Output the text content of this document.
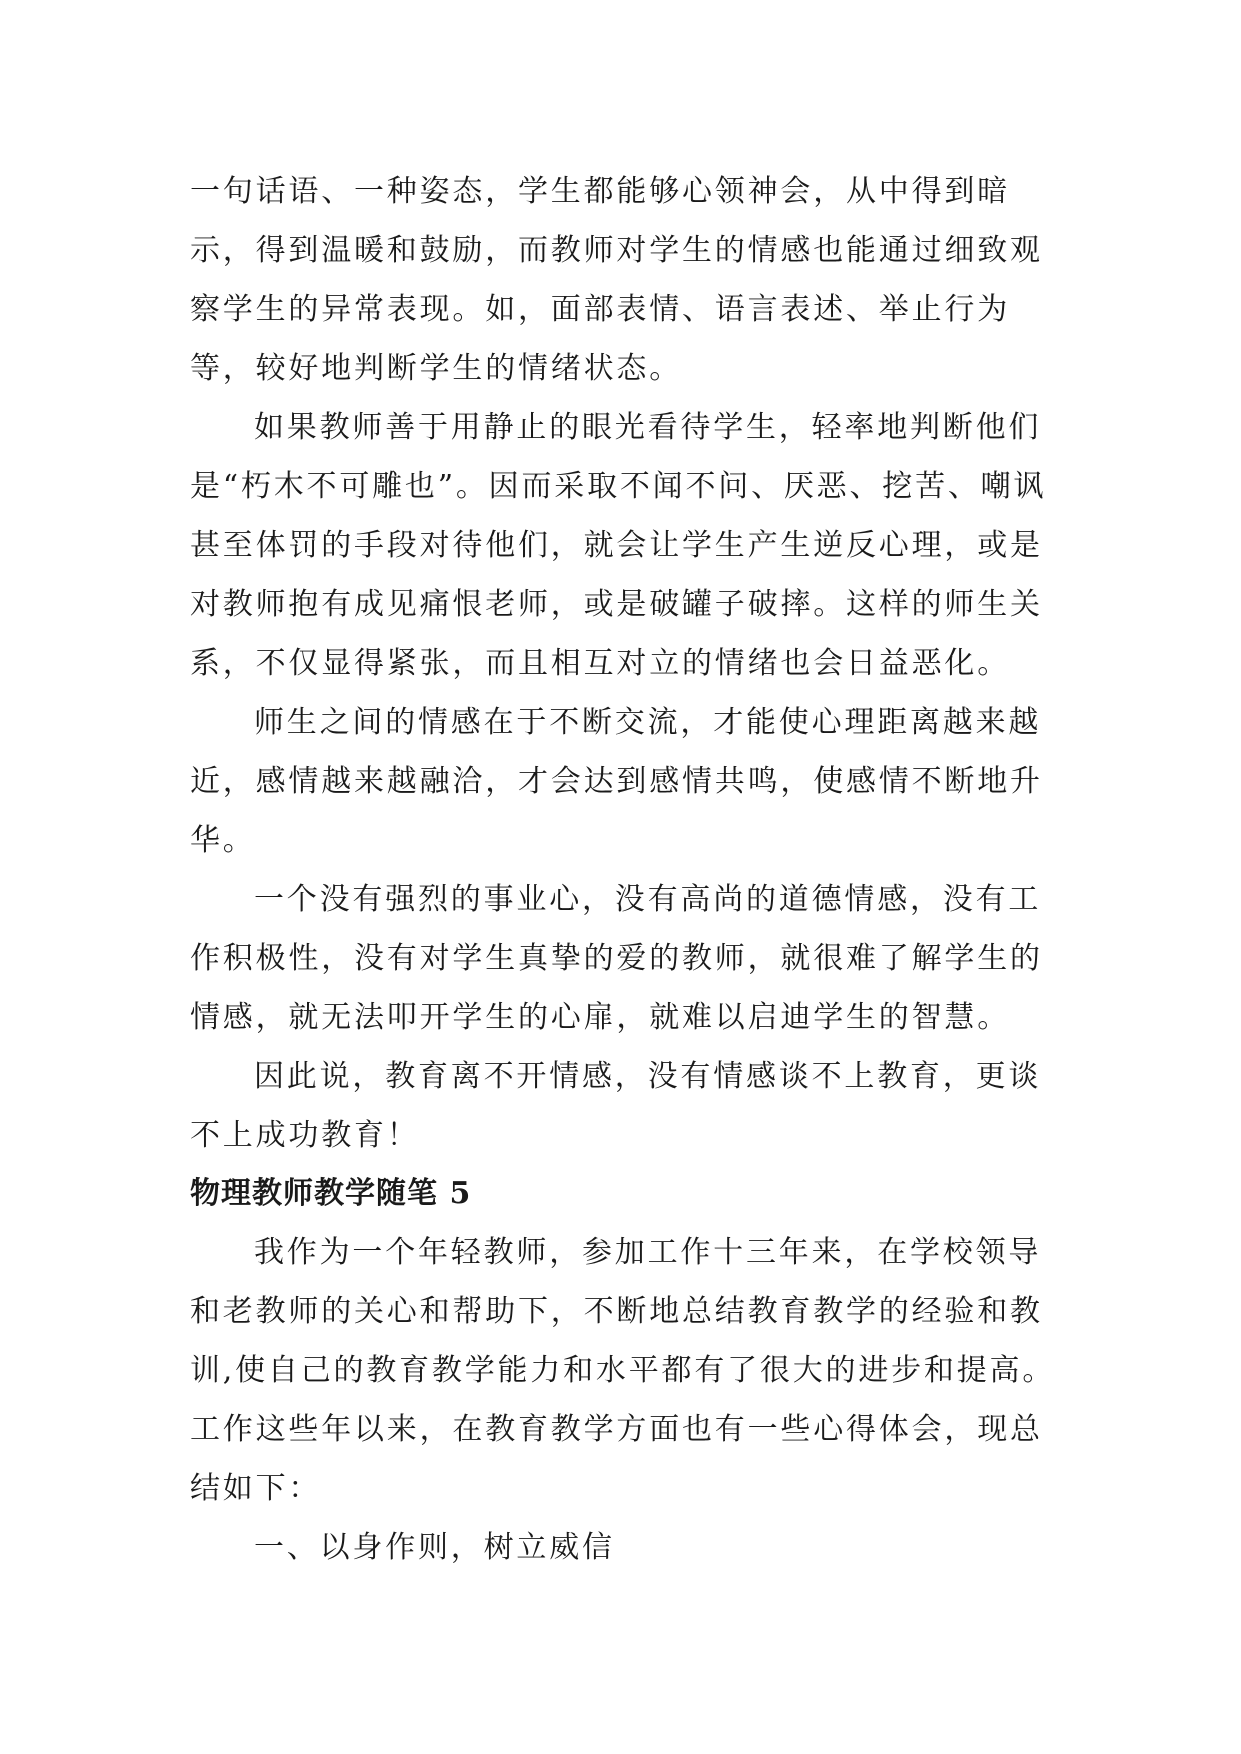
一句话语、一种姿态，学生都能够心领神会，从中得到暗示，得到温暖和鼓励，而教师对学生的情感也能通过细致观察学生的异常表现。如，面部表情、语言表述、举止行为等，较好地判断学生的情绪状态。

如果教师善于用静止的眼光看待学生，轻率地判断他们是“朽木不可雕也”。因而采取不闻不问、厌恶、挖苦、嘲讽甚至体罚的手段对待他们，就会让学生产生逆反心理，或是对教师抱有成见痛恨老师，或是破罐子破摔。这样的师生关系，不仅显得紧张，而且相互对立的情绪也会日益恶化。

师生之间的情感在于不断交流，才能使心理距离越来越近，感情越来越融洽，才会达到感情共鸣，使感情不断地升华。

一个没有强烈的事业心，没有高尚的道德情感，没有工作积极性，没有对学生真挚的爱的教师，就很难了解学生的情感，就无法叩开学生的心扉，就难以启迪学生的智慧。

因此说，教育离不开情感，没有情感谈不上教育，更谈不上成功教育！

物理教师教学随笔 5

我作为一个年轻教师，参加工作十三年来，在学校领导和老教师的关心和帮助下，不断地总结教育教学的经验和教训,使自己的教育教学能力和水平都有了很大的进步和提高。工作这些年以来，在教育教学方面也有一些心得体会，现总结如下：

一、以身作则，树立威信
